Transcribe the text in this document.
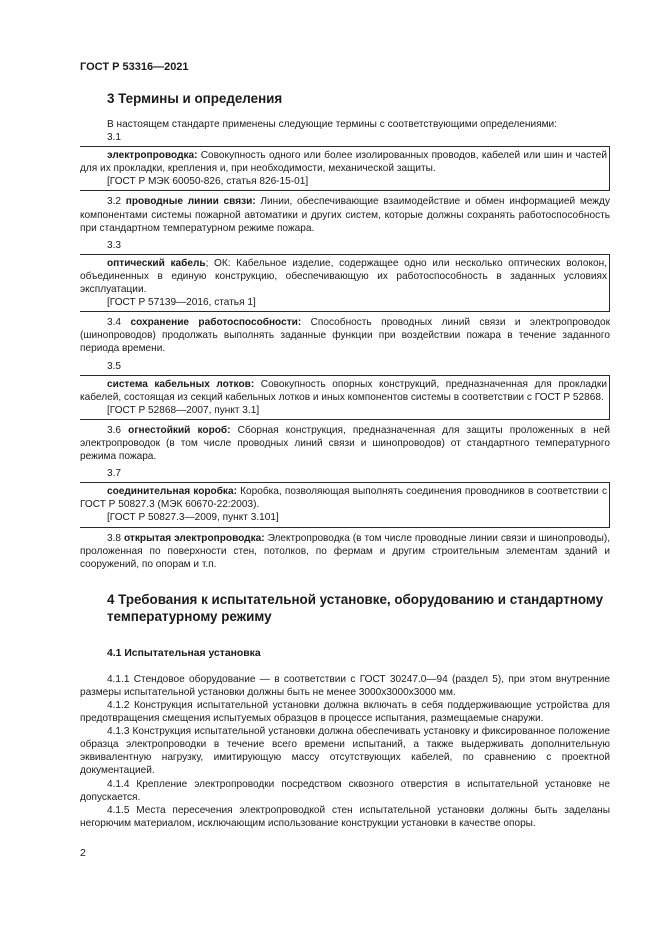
ГОСТ Р 53316—2021
3 Термины и определения

В настоящем стандарте применены следующие термины с соответствующими определениями:

3.1

электропроводка: Совокупность одного или более изолированных проводов, кабелей или шин и частей для их прокладки, крепления и, при необходимости, механической защиты.

[ГОСТ Р МЭК 60050-826, статья 826-15-01]

3.2 проводные линии связи: Линии, обеспечивающие взаимодействие и обмен информацией между компонентами системы пожарной автоматики и других систем, которые должны сохранять работоспособность при стандартном температурном режиме пожара.

3.3

оптический кабель; ОК: Кабельное изделие, содержащее одно или несколько оптических волокон, объединенных в единую конструкцию, обеспечивающую их работоспособность в заданных условиях эксплуатации.

[ГОСТ Р 57139—2016, статья 1]

3.4 сохранение работоспособности: Способность проводных линий связи и электропроводок (шинопроводов) продолжать выполнять заданные функции при воздействии пожара в течение заданного периода времени.

3.5

система кабельных лотков: Совокупность опорных конструкций, предназначенная для прокладки кабелей, состоящая из секций кабельных лотков и иных компонентов системы в соответствии с ГОСТ Р 52868.

[ГОСТ Р 52868—2007, пункт 3.1]

3.6 огнестойкий короб: Сборная конструкция, предназначенная для защиты проложенных в ней электропроводок (в том числе проводных линий связи и шинопроводов) от стандартного температурного режима пожара.

3.7

соединительная коробка: Коробка, позволяющая выполнять соединения проводников в соответствии с ГОСТ Р 50827.3 (МЭК 60670-22:2003).

[ГОСТ Р 50827.3—2009, пункт 3.101]

3.8 открытая электропроводка: Электропроводка (в том числе проводные линии связи и шинопроводы), проложенная по поверхности стен, потолков, по фермам и другим строительным элементам зданий и сооружений, по опорам и т.п.

4 Требования к испытательной установке, оборудованию и стандартному температурному режиму
4.1 Испытательная установка

4.1.1 Стендовое оборудование — в соответствии с ГОСТ 30247.0—94 (раздел 5), при этом внутренние размеры испытательной установки должны быть не менее 3000x3000x3000 мм.

4.1.2 Конструкция испытательной установки должна включать в себя поддерживающие устройства для предотвращения смещения испытуемых образцов в процессе испытания, размещаемые снаружи.

4.1.3 Конструкция испытательной установки должна обеспечивать установку и фиксированное положение образца электропроводки в течение всего времени испытаний, а также выдерживать дополнительную эквивалентную нагрузку, имитирующую массу отсутствующих кабелей, по сравнению с проектной документацией.

4.1.4 Крепление электропроводки посредством сквозного отверстия в испытательной установке не допускается.

4.1.5 Места пересечения электропроводкой стен испытательной установки должны быть заделаны негорючим материалом, исключающим использование конструкции установки в качестве опоры.

2
